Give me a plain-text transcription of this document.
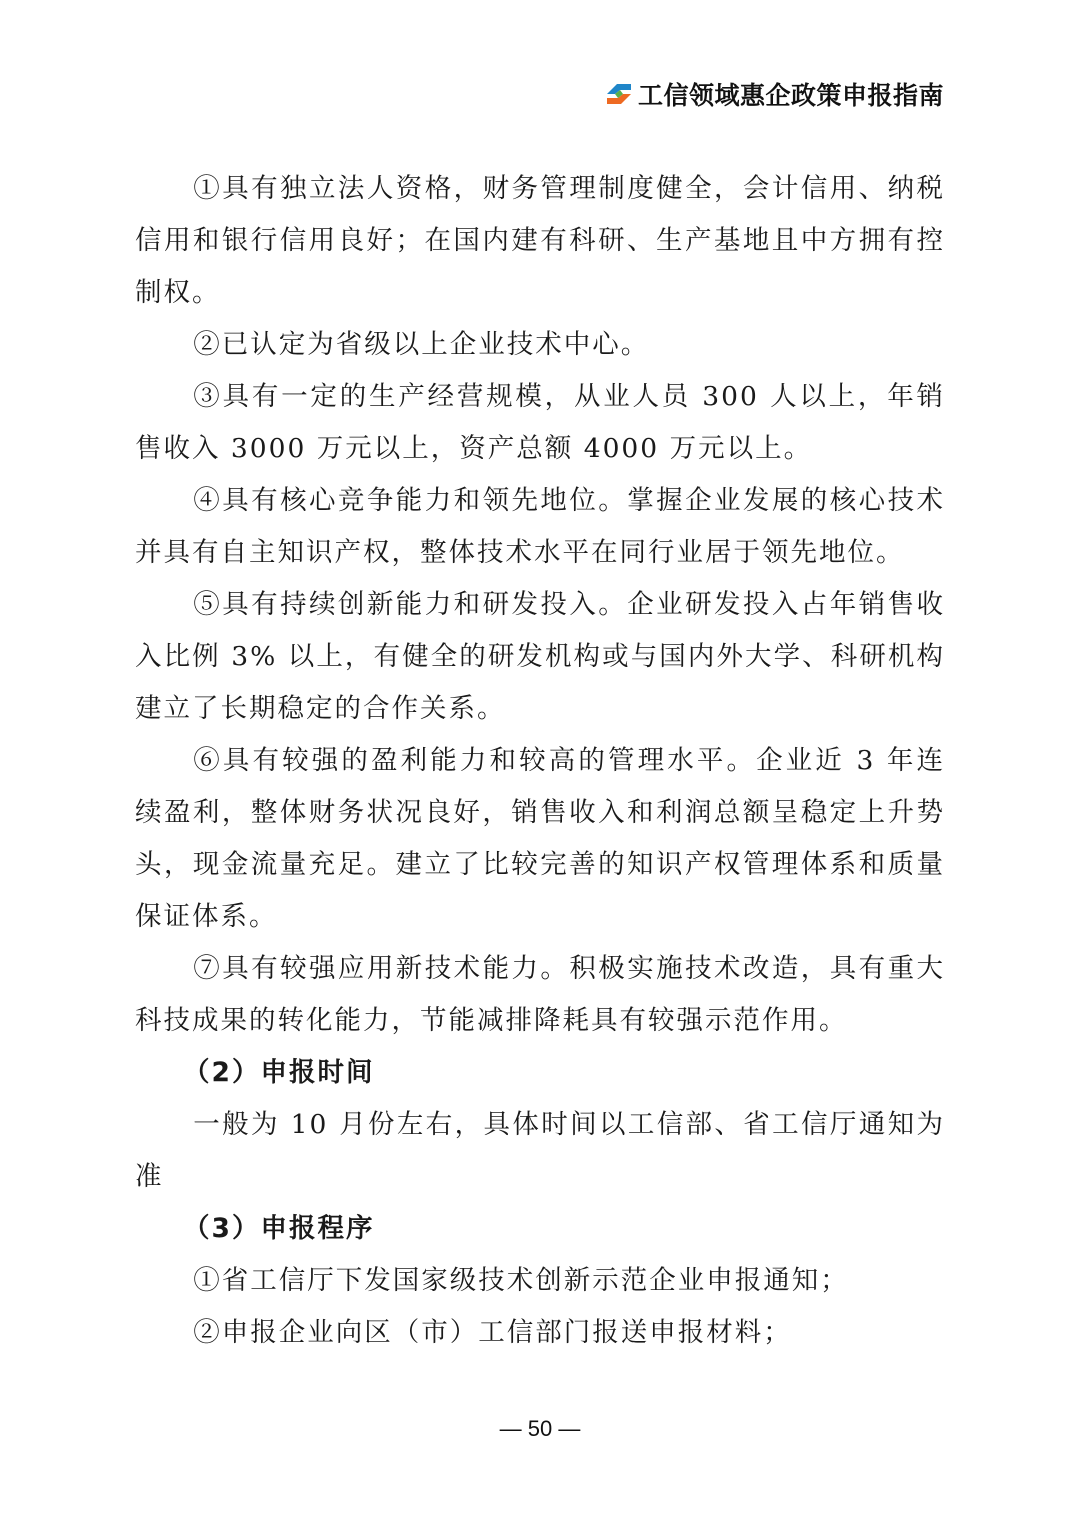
工信领域惠企政策申报指南

①具有独立法人资格，财务管理制度健全，会计信用、纳税信用和银行信用良好；在国内建有科研、生产基地且中方拥有控制权。

②已认定为省级以上企业技术中心。

③具有一定的生产经营规模，从业人员 300 人以上，年销售收入 3000 万元以上，资产总额 4000 万元以上。

④具有核心竞争能力和领先地位。掌握企业发展的核心技术并具有自主知识产权，整体技术水平在同行业居于领先地位。

⑤具有持续创新能力和研发投入。企业研发投入占年销售收入比例 3% 以上，有健全的研发机构或与国内外大学、科研机构建立了长期稳定的合作关系。

⑥具有较强的盈利能力和较高的管理水平。企业近 3 年连续盈利，整体财务状况良好，销售收入和利润总额呈稳定上升势头，现金流量充足。建立了比较完善的知识产权管理体系和质量保证体系。

⑦具有较强应用新技术能力。积极实施技术改造，具有重大科技成果的转化能力，节能减排降耗具有较强示范作用。

（2）申报时间

一般为 10 月份左右，具体时间以工信部、省工信厅通知为准

（3）申报程序

①省工信厅下发国家级技术创新示范企业申报通知；

②申报企业向区（市）工信部门报送申报材料；

— 50 —
